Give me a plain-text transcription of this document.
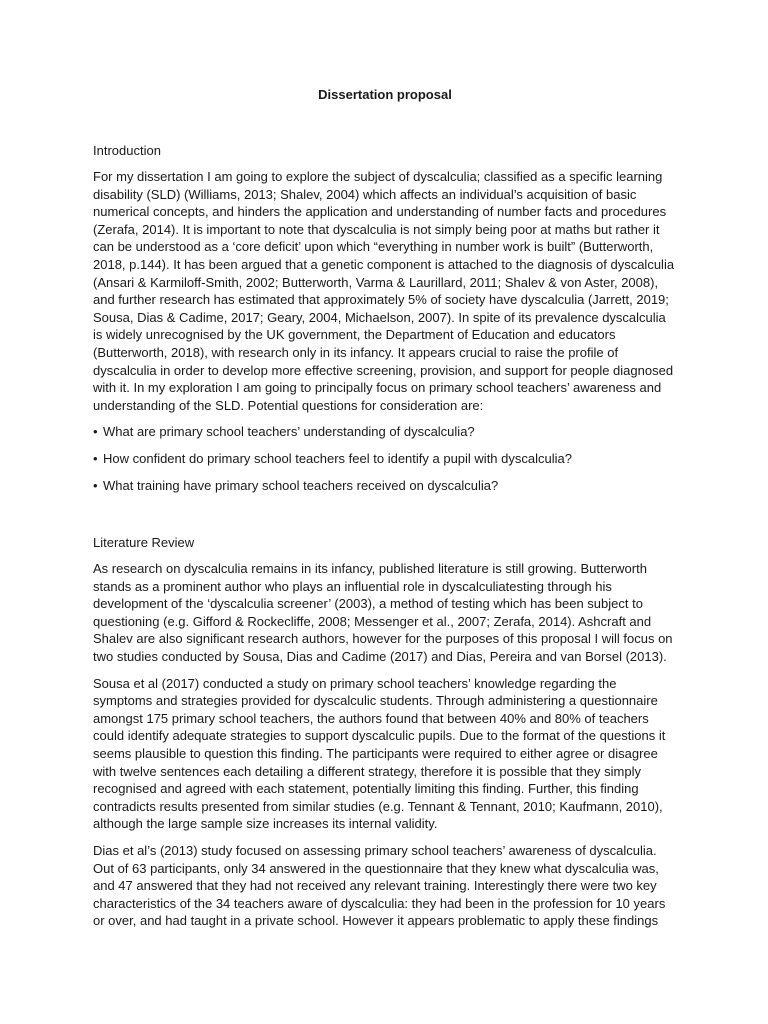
Dissertation proposal
Introduction

For my dissertation I am going to explore the subject of dyscalculia; classified as a specific learning disability (SLD) (Williams, 2013; Shalev, 2004) which affects an individual’s acquisition of basic numerical concepts, and hinders the application and understanding of number facts and procedures (Zerafa, 2014). It is important to note that dyscalculia is not simply being poor at maths but rather it can be understood as a ‘core deficit’ upon which “everything in number work is built” (Butterworth, 2018, p.144). It has been argued that a genetic component is attached to the diagnosis of dyscalculia (Ansari & Karmiloff-Smith, 2002; Butterworth, Varma & Laurillard, 2011; Shalev & von Aster, 2008), and further research has estimated that approximately 5% of society have dyscalculia (Jarrett, 2019; Sousa, Dias & Cadime, 2017; Geary, 2004, Michaelson, 2007). In spite of its prevalence dyscalculia is widely unrecognised by the UK government, the Department of Education and educators (Butterworth, 2018), with research only in its infancy. It appears crucial to raise the profile of dyscalculia in order to develop more effective screening, provision, and support for people diagnosed with it. In my exploration I am going to principally focus on primary school teachers’ awareness and understanding of the SLD. Potential questions for consideration are:

• What are primary school teachers’ understanding of dyscalculia?
• How confident do primary school teachers feel to identify a pupil with dyscalculia?
• What training have primary school teachers received on dyscalculia?
Literature Review

As research on dyscalculia remains in its infancy, published literature is still growing. Butterworth stands as a prominent author who plays an influential role in dyscalculiatesting through his development of the ‘dyscalculia screener’ (2003), a method of testing which has been subject to questioning (e.g. Gifford & Rockecliffe, 2008; Messenger et al., 2007; Zerafa, 2014). Ashcraft and Shalev are also significant research authors, however for the purposes of this proposal I will focus on two studies conducted by Sousa, Dias and Cadime (2017) and Dias, Pereira and van Borsel (2013).

Sousa et al (2017) conducted a study on primary school teachers’ knowledge regarding the symptoms and strategies provided for dyscalculic students. Through administering a questionnaire amongst 175 primary school teachers, the authors found that between 40% and 80% of teachers could identify adequate strategies to support dyscalculic pupils. Due to the format of the questions it seems plausible to question this finding. The participants were required to either agree or disagree with twelve sentences each detailing a different strategy, therefore it is possible that they simply recognised and agreed with each statement, potentially limiting this finding. Further, this finding contradicts results presented from similar studies (e.g. Tennant & Tennant, 2010; Kaufmann, 2010), although the large sample size increases its internal validity.

Dias et al’s (2013) study focused on assessing primary school teachers’ awareness of dyscalculia. Out of 63 participants, only 34 answered in the questionnaire that they knew what dyscalculia was, and 47 answered that they had not received any relevant training. Interestingly there were two key characteristics of the 34 teachers aware of dyscalculia: they had been in the profession for 10 years or over, and had taught in a private school. However it appears problematic to apply these findings
